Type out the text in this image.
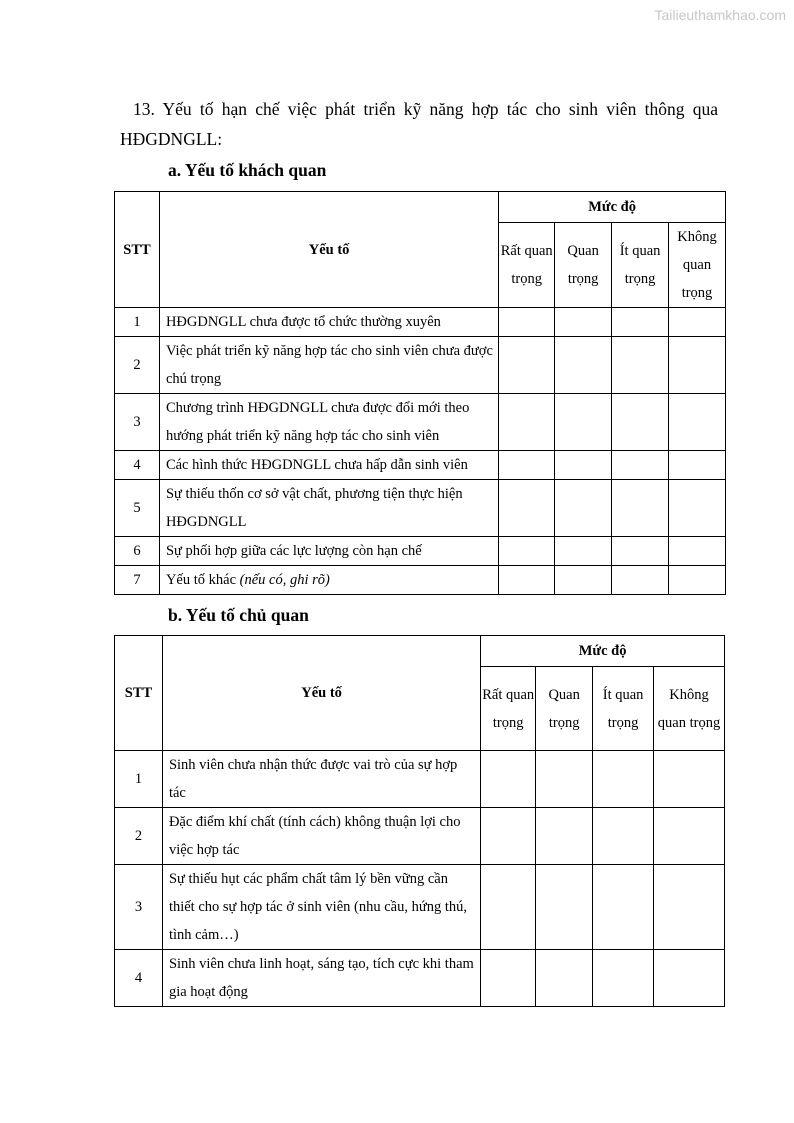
Tailieuthamkhao.com
13. Yếu tố hạn chế việc phát triển kỹ năng hợp tác cho sinh viên thông qua HĐGDNGLL:
a. Yếu tố khách quan
STT	Yếu tố	Mức độ			
		Rất quan trọng	Quan trọng	Ít quan trọng	Không quan trọng
1	HĐGDNGLL chưa được tổ chức thường xuyên				
2	Việc phát triển kỹ năng hợp tác cho sinh viên chưa được chú trọng				
3	Chương trình HĐGDNGLL chưa được đổi mới theo hướng phát triển kỹ năng hợp tác cho sinh viên				
4	Các hình thức HĐGDNGLL chưa hấp dẫn sinh viên				
5	Sự thiếu thốn cơ sở vật chất, phương tiện thực hiện HĐGDNGLL				
6	Sự phối hợp giữa các lực lượng còn hạn chế				
7	Yếu tố khác (nếu có, ghi rõ)				
b. Yếu tố chủ quan
STT	Yếu tố	Mức độ			
		Rất quan trọng	Quan trọng	Ít quan trọng	Không quan trọng
1	Sinh viên chưa nhận thức được vai trò của sự hợp tác				
2	Đặc điểm khí chất (tính cách) không thuận lợi cho việc hợp tác				
3	Sự thiếu hụt các phẩm chất tâm lý bền vững cần thiết cho sự hợp tác ở sinh viên (nhu cầu, hứng thú, tình cảm…)				
4	Sinh viên chưa linh hoạt, sáng tạo, tích cực khi tham gia hoạt động				
